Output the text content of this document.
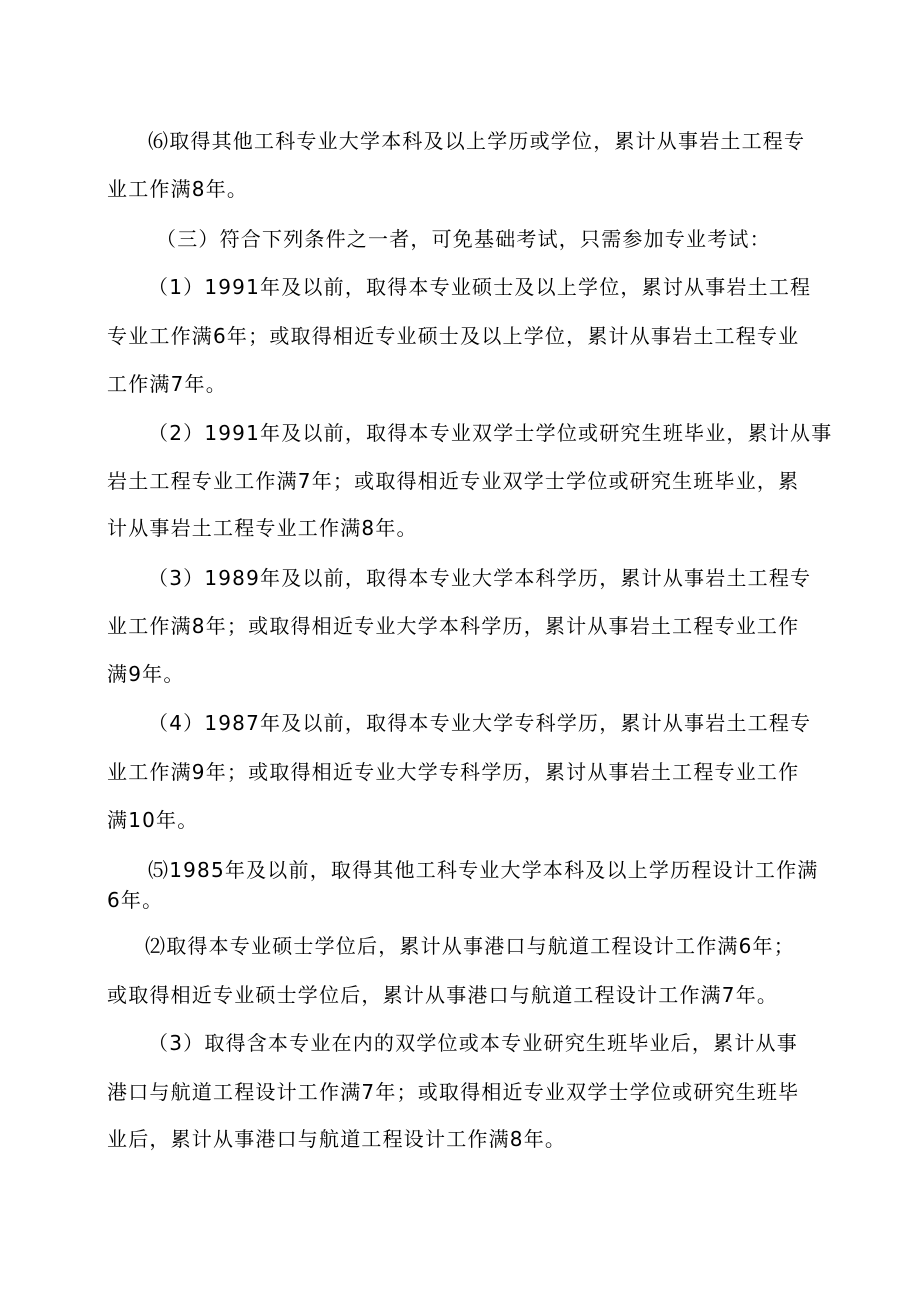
⑹取得其他工科专业大学本科及以上学历或学位，累计从事岩土工程专
业工作满8年。
（三）符合下列条件之一者，可免基础考试，只需参加专业考试：
（1）1991年及以前，取得本专业硕士及以上学位，累讨从事岩土工程
专业工作满6年；或取得相近专业硕士及以上学位，累计从事岩土工程专业
工作满7年。
（2）1991年及以前，取得本专业双学士学位或研究生班毕业，累计从事
岩土工程专业工作满7年；或取得相近专业双学士学位或研究生班毕业，累
计从事岩土工程专业工作满8年。
（3）1989年及以前，取得本专业大学本科学历，累计从事岩土工程专
业工作满8年；或取得相近专业大学本科学历，累计从事岩土工程专业工作
满9年。
（4）1987年及以前，取得本专业大学专科学历，累计从事岩土工程专
业工作满9年；或取得相近专业大学专科学历，累讨从事岩土工程专业工作
满10年。
⑸1985年及以前，取得其他工科专业大学本科及以上学历程设计工作满
6年。
⑵取得本专业硕士学位后，累计从事港口与航道工程设计工作满6年；
或取得相近专业硕士学位后，累计从事港口与航道工程设计工作满7年。
（3）取得含本专业在内的双学位或本专业研究生班毕业后，累计从事
港口与航道工程设计工作满7年；或取得相近专业双学士学位或研究生班毕
业后，累计从事港口与航道工程设计工作满8年。
